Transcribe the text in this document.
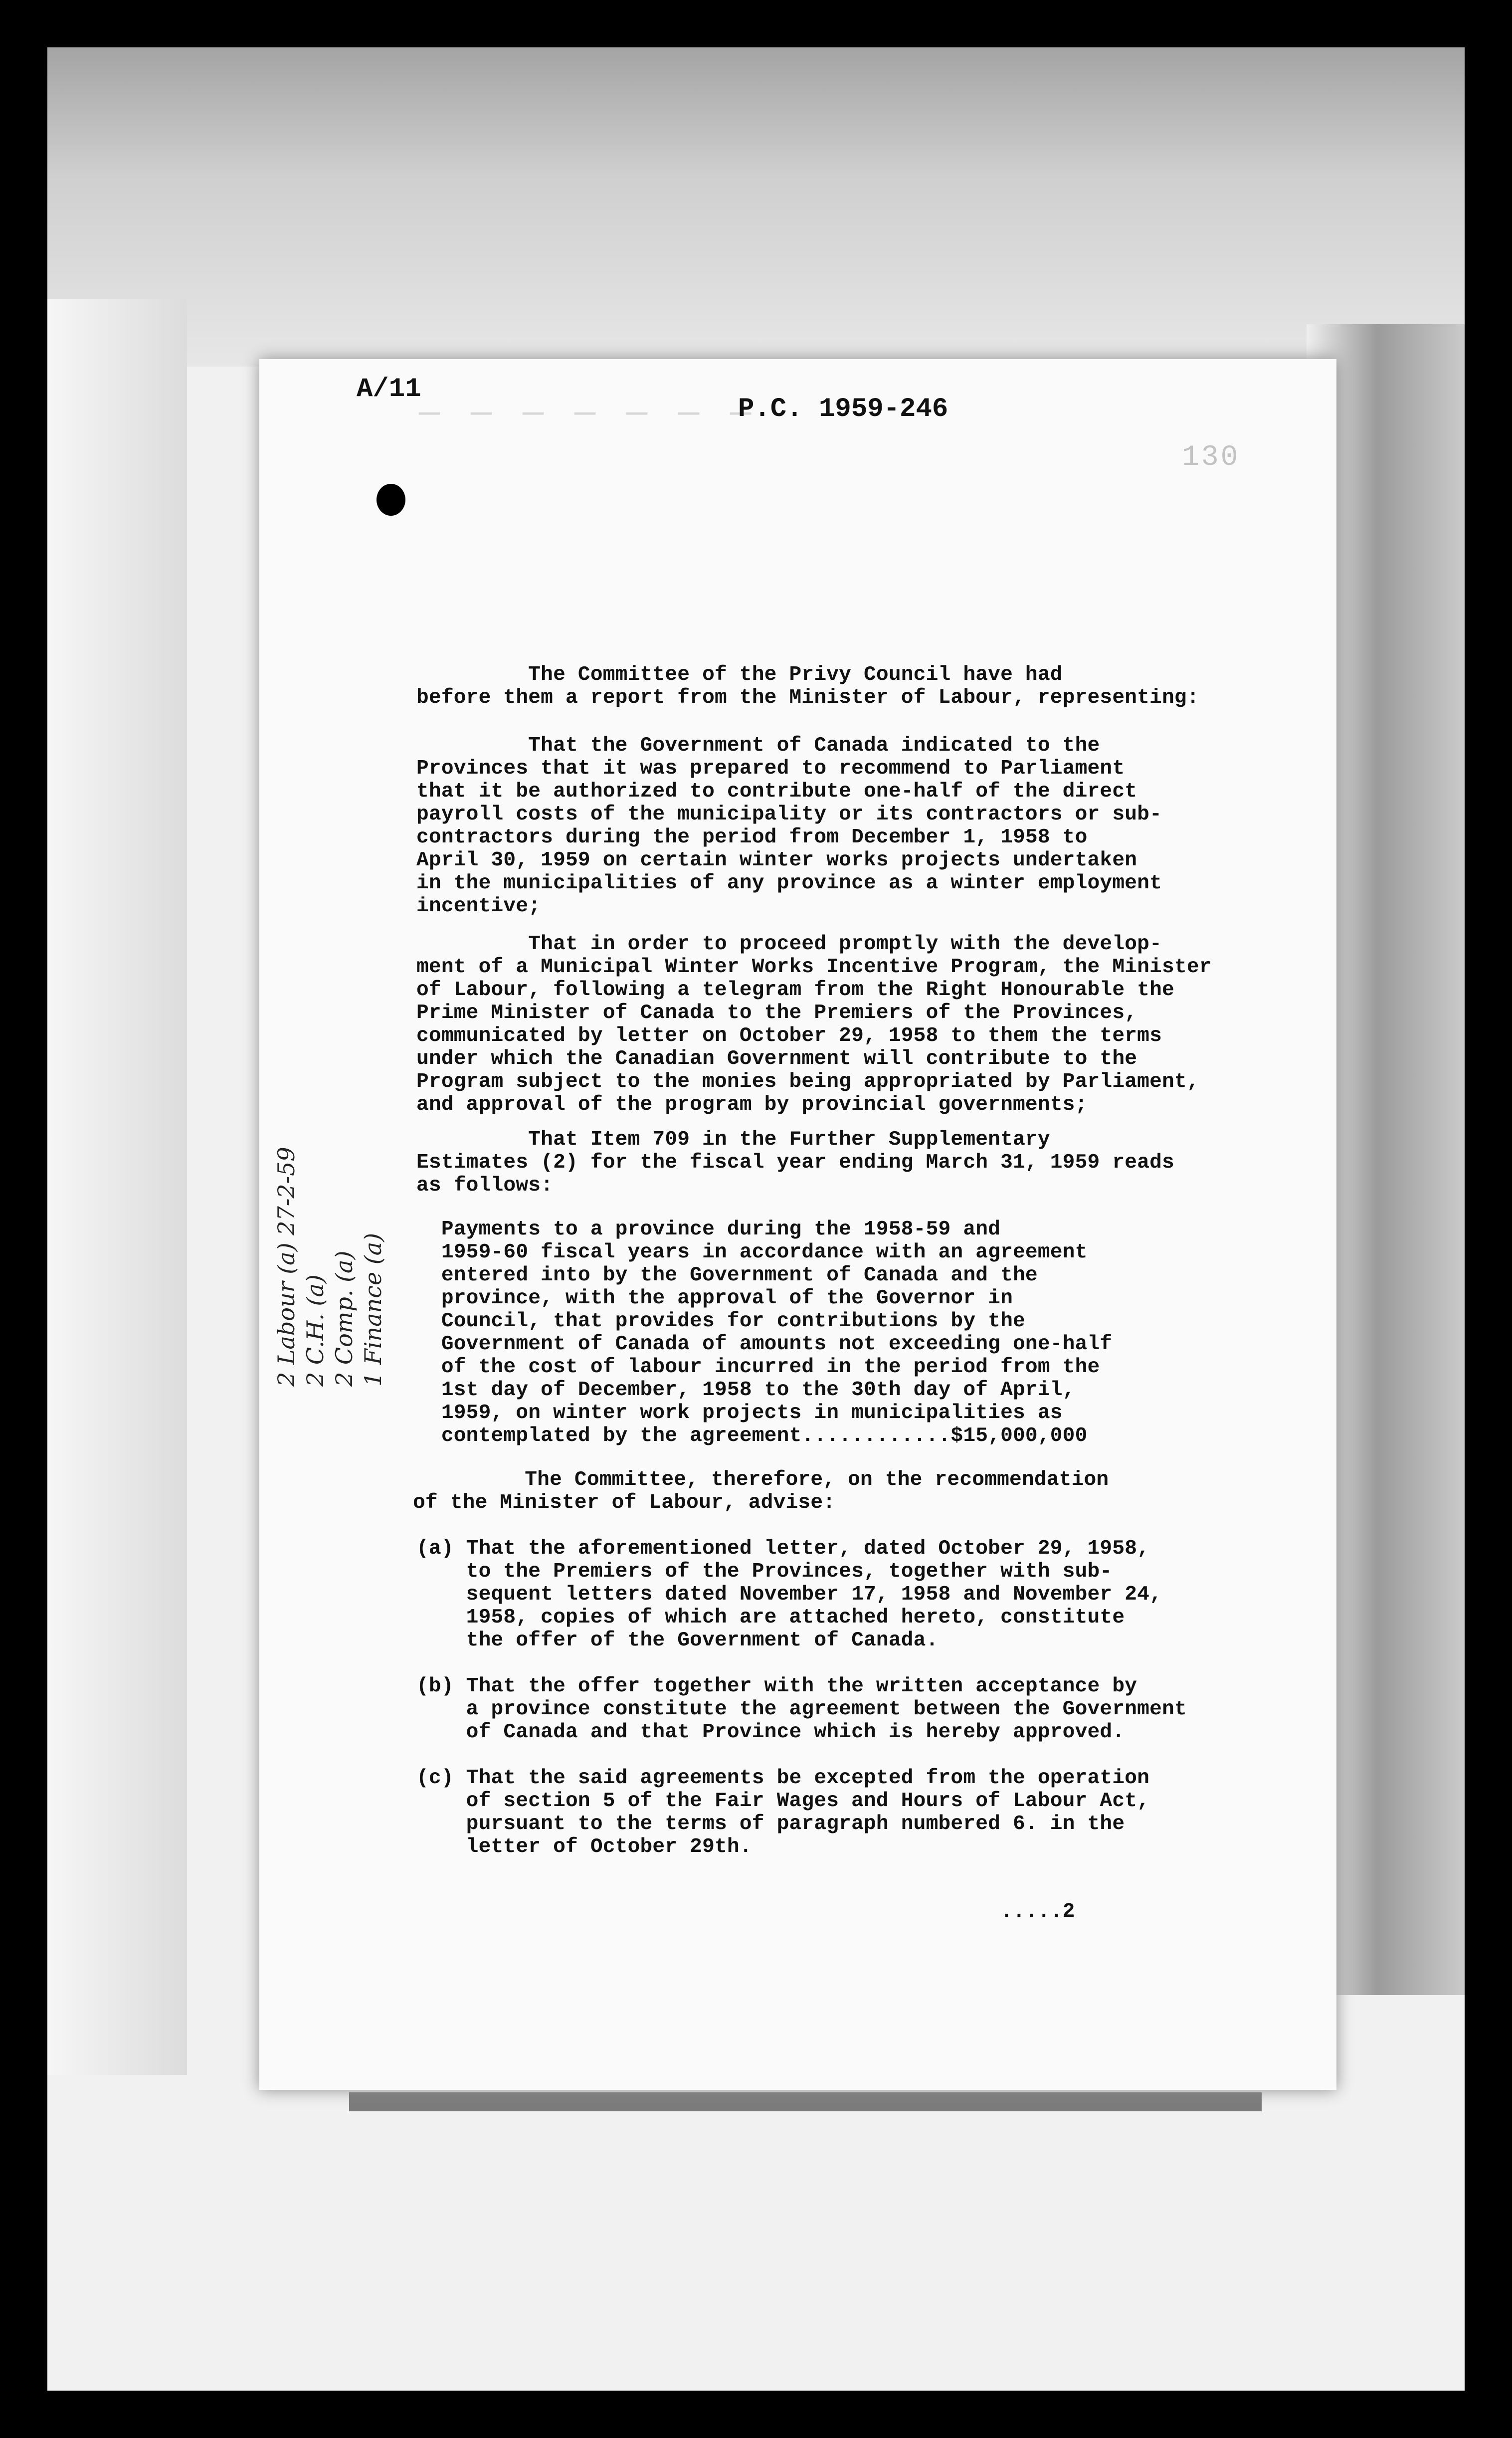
— — — — — — —
A/11
P.C. 1959-246
130

The Committee of the Privy Council have had
before them a report from the Minister of Labour, representing:

That the Government of Canada indicated to the
Provinces that it was prepared to recommend to Parliament
that it be authorized to contribute one-half of the direct
payroll costs of the municipality or its contractors or sub-
contractors during the period from December 1, 1958 to
April 30, 1959 on certain winter works projects undertaken
in the municipalities of any province as a winter employment
incentive;

That in order to proceed promptly with the develop-
ment of a Municipal Winter Works Incentive Program, the Minister
of Labour, following a telegram from the Right Honourable the
Prime Minister of Canada to the Premiers of the Provinces,
communicated by letter on October 29, 1958 to them the terms
under which the Canadian Government will contribute to the
Program subject to the monies being appropriated by Parliament,
and approval of the program by provincial governments;

That Item 709 in the Further Supplementary
Estimates (2) for the fiscal year ending March 31, 1959 reads
as follows:

Payments to a province during the 1958-59 and
1959-60 fiscal years in accordance with an agreement
entered into by the Government of Canada and the
province, with the approval of the Governor in
Council, that provides for contributions by the
Government of Canada of amounts not exceeding one-half
of the cost of labour incurred in the period from the
1st day of December, 1958 to the 30th day of April,
1959, on winter work projects in municipalities as
contemplated by the agreement............$15,000,000

The Committee, therefore, on the recommendation
of the Minister of Labour, advise:

(a) That the aforementioned letter, dated October 29, 1958,
to the Premiers of the Provinces, together with sub-
sequent letters dated November 17, 1958 and November 24,
1958, copies of which are attached hereto, constitute
the offer of the Government of Canada.

(b) That the offer together with the written acceptance by
a province constitute the agreement between the Government
of Canada and that Province which is hereby approved.

(c) That the said agreements be excepted from the operation
of section 5 of the Fair Wages and Hours of Labour Act,
pursuant to the terms of paragraph numbered 6. in the
letter of October 29th.

.....2

2 C.H. (a) 2 Comp. (a) 1 Finance (a)
